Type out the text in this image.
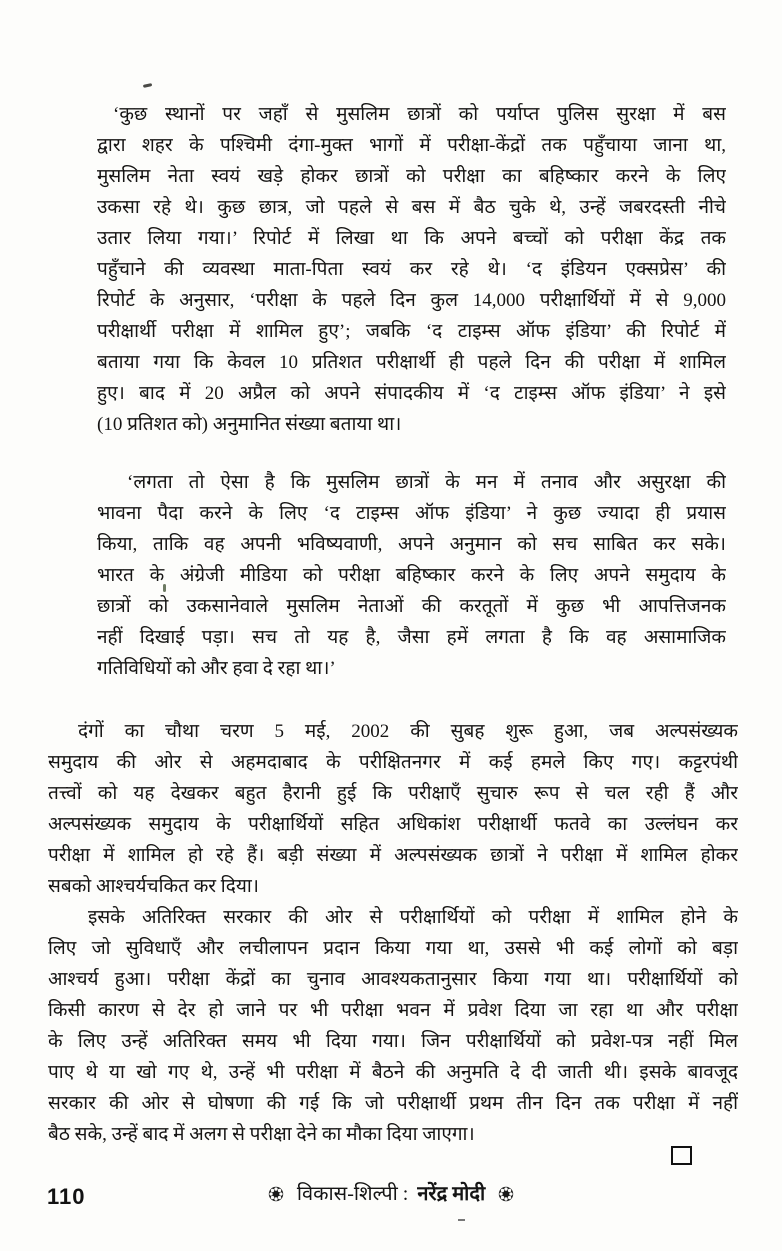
‘कुछ स्थानों पर जहाँ से मुसलिम छात्रों को पर्याप्त पुलिस सुरक्षा में बस
द्वारा शहर के पश्चिमी दंगा-मुक्त भागों में परीक्षा-केंद्रों तक पहुँचाया जाना था,
मुसलिम नेता स्वयं खड़े होकर छात्रों को परीक्षा का बहिष्कार करने के लिए
उकसा रहे थे। कुछ छात्र, जो पहले से बस में बैठ चुके थे, उन्हें जबरदस्ती नीचे
उतार लिया गया।’ रिपोर्ट में लिखा था कि अपने बच्चों को परीक्षा केंद्र तक
पहुँचाने की व्यवस्था माता-पिता स्वयं कर रहे थे। ‘द इंडियन एक्सप्रेस’ की
रिपोर्ट के अनुसार, ‘परीक्षा के पहले दिन कुल 14,000 परीक्षार्थियों में से 9,000
परीक्षार्थी परीक्षा में शामिल हुए’; जबकि ‘द टाइम्स ऑफ इंडिया’ की रिपोर्ट में
बताया गया कि केवल 10 प्रतिशत परीक्षार्थी ही पहले दिन की परीक्षा में शामिल
हुए। बाद में 20 अप्रैल को अपने संपादकीय में ‘द टाइम्स ऑफ इंडिया’ ने इसे
(10 प्रतिशत को) अनुमानित संख्या बताया था।
‘लगता तो ऐसा है कि मुसलिम छात्रों के मन में तनाव और असुरक्षा की
भावना पैदा करने के लिए ‘द टाइम्स ऑफ इंडिया’ ने कुछ ज्यादा ही प्रयास
किया, ताकि वह अपनी भविष्यवाणी, अपने अनुमान को सच साबित कर सके।
भारत के अंग्रेजी मीडिया को परीक्षा बहिष्कार करने के लिए अपने समुदाय के
छात्रों को उकसानेवाले मुसलिम नेताओं की करतूतों में कुछ भी आपत्तिजनक
नहीं दिखाई पड़ा। सच तो यह है, जैसा हमें लगता है कि वह असामाजिक
गतिविधियों को और हवा दे रहा था।’
दंगों का चौथा चरण 5 मई, 2002 की सुबह शुरू हुआ, जब अल्पसंख्यक
समुदाय की ओर से अहमदाबाद के परीक्षितनगर में कई हमले किए गए। कट्टरपंथी
तत्त्वों को यह देखकर बहुत हैरानी हुई कि परीक्षाएँ सुचारु रूप से चल रही हैं और
अल्पसंख्यक समुदाय के परीक्षार्थियों सहित अधिकांश परीक्षार्थी फतवे का उल्लंघन कर
परीक्षा में शामिल हो रहे हैं। बड़ी संख्या में अल्पसंख्यक छात्रों ने परीक्षा में शामिल होकर
सबको आश्चर्यचकित कर दिया।
इसके अतिरिक्त सरकार की ओर से परीक्षार्थियों को परीक्षा में शामिल होने के
लिए जो सुविधाएँ और लचीलापन प्रदान किया गया था, उससे भी कई लोगों को बड़ा
आश्चर्य हुआ। परीक्षा केंद्रों का चुनाव आवश्यकतानुसार किया गया था। परीक्षार्थियों को
किसी कारण से देर हो जाने पर भी परीक्षा भवन में प्रवेश दिया जा रहा था और परीक्षा
के लिए उन्हें अतिरिक्त समय भी दिया गया। जिन परीक्षार्थियों को प्रवेश-पत्र नहीं मिल
पाए थे या खो गए थे, उन्हें भी परीक्षा में बैठने की अनुमति दे दी जाती थी। इसके बावजूद
सरकार की ओर से घोषणा की गई कि जो परीक्षार्थी प्रथम तीन दिन तक परीक्षा में नहीं
बैठ सके, उन्हें बाद में अलग से परीक्षा देने का मौका दिया जाएगा।
110	विकास-शिल्पी : नरेंद्र मोदी
